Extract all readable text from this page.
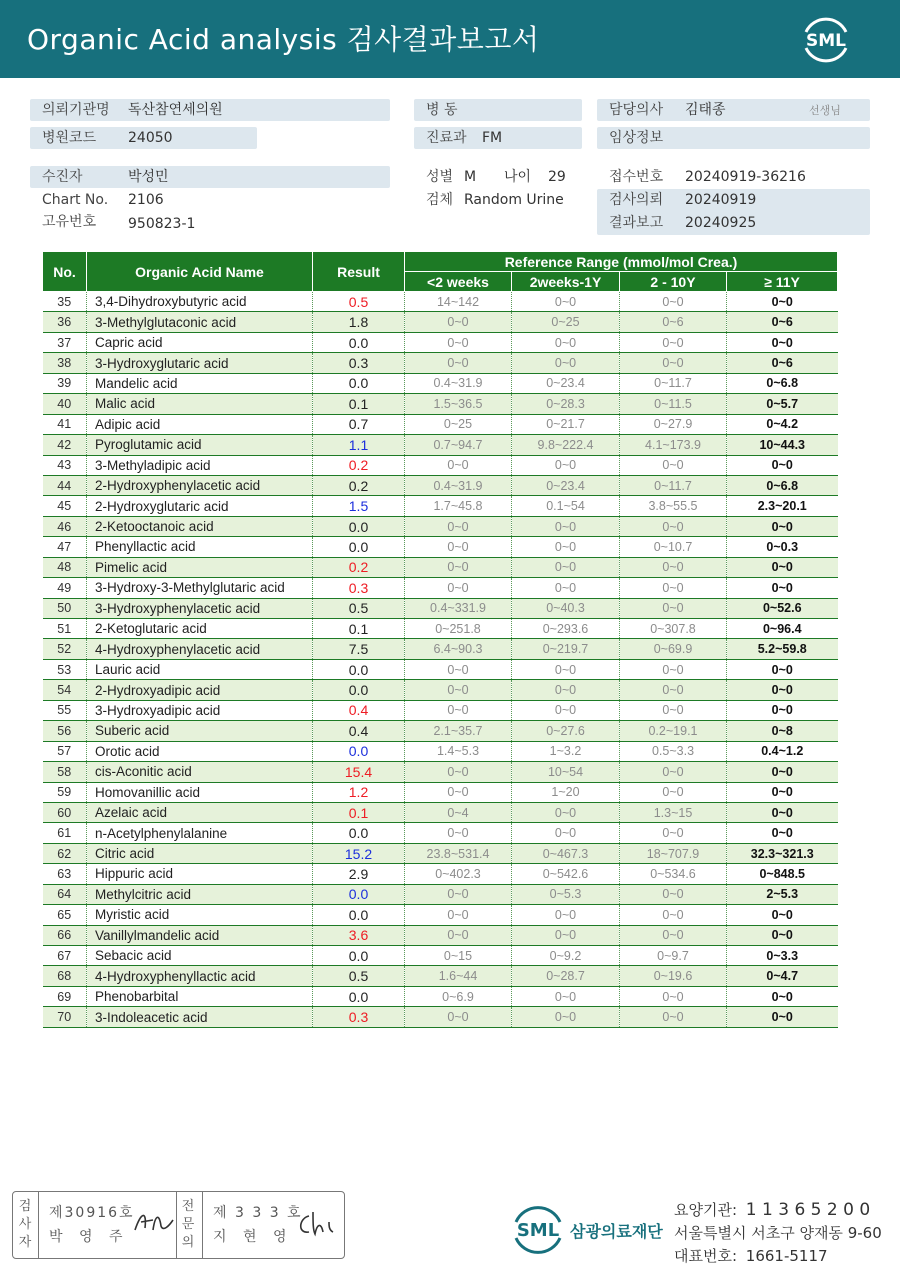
Organic Acid analysis 검사결과보고서	SML
의뢰기관명 독산참연세의원
병원코드 24050
수진자	박성민
Chart No. 2106
고유번호 950823-1
병 동
진료과 FM
성별 M 나이 29
검체 Random Urine
담당의사 김태종	선생님
임상정보
접수번호 20240919-36216
검사의뢰 20240919
결과보고 20240925
No.	Organic Acid Name	Result	Reference Range (mmol/mol Crea.)			
			<2 weeks	2weeks-1Y	2 - 10Y	≥ 11Y
35	3,4-Dihydroxybutyric acid	0.5	14~142	0~0	0~0	0~0
36	3-Methylglutaconic acid	1.8	0~0	0~25	0~6	0~6
37	Capric acid	0.0	0~0	0~0	0~0	0~0
38	3-Hydroxyglutaric acid	0.3	0~0	0~0	0~0	0~6
39	Mandelic acid	0.0	0.4~31.9	0~23.4	0~11.7	0~6.8
40	Malic acid	0.1	1.5~36.5	0~28.3	0~11.5	0~5.7
41	Adipic acid	0.7	0~25	0~21.7	0~27.9	0~4.2
42	Pyroglutamic acid	1.1	0.7~94.7	9.8~222.4	4.1~173.9	10~44.3
43	3-Methyladipic acid	0.2	0~0	0~0	0~0	0~0
44	2-Hydroxyphenylacetic acid	0.2	0.4~31.9	0~23.4	0~11.7	0~6.8
45	2-Hydroxyglutaric acid	1.5	1.7~45.8	0.1~54	3.8~55.5	2.3~20.1
46	2-Ketooctanoic acid	0.0	0~0	0~0	0~0	0~0
47	Phenyllactic acid	0.0	0~0	0~0	0~10.7	0~0.3
48	Pimelic acid	0.2	0~0	0~0	0~0	0~0
49	3-Hydroxy-3-Methylglutaric acid	0.3	0~0	0~0	0~0	0~0
50	3-Hydroxyphenylacetic acid	0.5	0.4~331.9	0~40.3	0~0	0~52.6
51	2-Ketoglutaric acid	0.1	0~251.8	0~293.6	0~307.8	0~96.4
52	4-Hydroxyphenylacetic acid	7.5	6.4~90.3	0~219.7	0~69.9	5.2~59.8
53	Lauric acid	0.0	0~0	0~0	0~0	0~0
54	2-Hydroxyadipic acid	0.0	0~0	0~0	0~0	0~0
55	3-Hydroxyadipic acid	0.4	0~0	0~0	0~0	0~0
56	Suberic acid	0.4	2.1~35.7	0~27.6	0.2~19.1	0~8
57	Orotic acid	0.0	1.4~5.3	1~3.2	0.5~3.3	0.4~1.2
58	cis-Aconitic acid	15.4	0~0	10~54	0~0	0~0
59	Homovanillic acid	1.2	0~0	1~20	0~0	0~0
60	Azelaic acid	0.1	0~4	0~0	1.3~15	0~0
61	n-Acetylphenylalanine	0.0	0~0	0~0	0~0	0~0
62	Citric acid	15.2	23.8~531.4	0~467.3	18~707.9	32.3~321.3
63	Hippuric acid	2.9	0~402.3	0~542.6	0~534.6	0~848.5
64	Methylcitric acid	0.0	0~0	0~5.3	0~0	2~5.3
65	Myristic acid	0.0	0~0	0~0	0~0	0~0
66	Vanillylmandelic acid	3.6	0~0	0~0	0~0	0~0
67	Sebacic acid	0.0	0~15	0~9.2	0~9.7	0~3.3
68	4-Hydroxyphenyllactic acid	0.5	1.6~44	0~28.7	0~19.6	0~4.7
69	Phenobarbital	0.0	0~6.9	0~0	0~0	0~0
70	3-Indoleacetic acid	0.3	0~0	0~0	0~0	0~0
검사자
제30916호
박 영 주
전문의
제 3 3 3 호
지 현 영	SML 삼광의료재단
요양기관: 1 1 3 6 5 2 0 0
서울특별시 서초구 양재동 9-60
대표번호: 1661-5117
